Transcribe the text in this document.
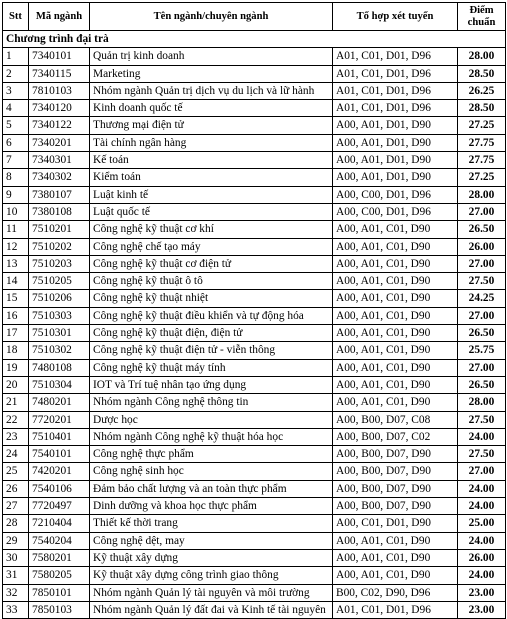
Stt	Mã ngành	Tên ngành/chuyên ngành	Tổ hợp xét tuyển	Điểm chuẩn
Chương trình đại trà				
1	7340101	Quản trị kinh doanh	A01, C01, D01, D96	28.00
2	7340115	Marketing	A01, C01, D01, D96	28.50
3	7810103	Nhóm ngành Quản trị dịch vụ du lịch và lữ hành	A01, C01, D01, D96	26.25
4	7340120	Kinh doanh quốc tế	A01, C01, D01, D96	28.50
5	7340122	Thương mại điện tử	A00, A01, D01, D90	27.25
6	7340201	Tài chính ngân hàng	A00, A01, D01, D90	27.75
7	7340301	Kế toán	A00, A01, D01, D90	27.75
8	7340302	Kiểm toán	A00, A01, D01, D90	27.25
9	7380107	Luật kinh tế	A00, C00, D01, D96	28.00
10	7380108	Luật quốc tế	A00, C00, D01, D96	27.00
11	7510201	Công nghệ kỹ thuật cơ khí	A00, A01, C01, D90	26.50
12	7510202	Công nghệ chế tạo máy	A00, A01, C01, D90	26.00
13	7510203	Công nghệ kỹ thuật cơ điện tử	A00, A01, C01, D90	27.00
14	7510205	Công nghệ kỹ thuật ô tô	A00, A01, C01, D90	27.50
15	7510206	Công nghệ kỹ thuật nhiệt	A00, A01, C01, D90	24.25
16	7510303	Công nghệ kỹ thuật điều khiển và tự động hóa	A00, A01, C01, D90	27.00
17	7510301	Công nghệ kỹ thuật điện, điện tử	A00, A01, C01, D90	26.50
18	7510302	Công nghệ kỹ thuật điện tử - viễn thông	A00, A01, C01, D90	25.75
19	7480108	Công nghệ kỹ thuật máy tính	A00, A01, C01, D90	27.00
20	7510304	IOT và Trí tuệ nhân tạo ứng dụng	A00, A01, C01, D90	26.50
21	7480201	Nhóm ngành Công nghệ thông tin	A00, A01, C01, D90	28.00
22	7720201	Dược học	A00, B00, D07, C08	27.50
23	7510401	Nhóm ngành Công nghệ kỹ thuật hóa học	A00, B00, D07, C02	24.00
24	7540101	Công nghệ thực phẩm	A00, B00, D07, D90	27.50
25	7420201	Công nghệ sinh học	A00, B00, D07, D90	27.00
26	7540106	Đảm bảo chất lượng và an toàn thực phẩm	A00, B00, D07, D90	24.00
27	7720497	Dinh dưỡng và khoa học thực phẩm	A00, B00, D07, D90	24.00
28	7210404	Thiết kế thời trang	A00, C01, D01, D90	25.00
29	7540204	Công nghệ dệt, may	A00, A01, C01, D90	24.00
30	7580201	Kỹ thuật xây dựng	A00, A01, C01, D90	26.00
31	7580205	Kỹ thuật xây dựng công trình giao thông	A00, A01, C01, D90	24.00
32	7850101	Nhóm ngành Quản lý tài nguyên và môi trường	B00, C02, D90, D96	23.00
33	7850103	Nhóm ngành Quản lý đất đai và Kinh tế tài nguyên	A01, C01, D01, D96	23.00
